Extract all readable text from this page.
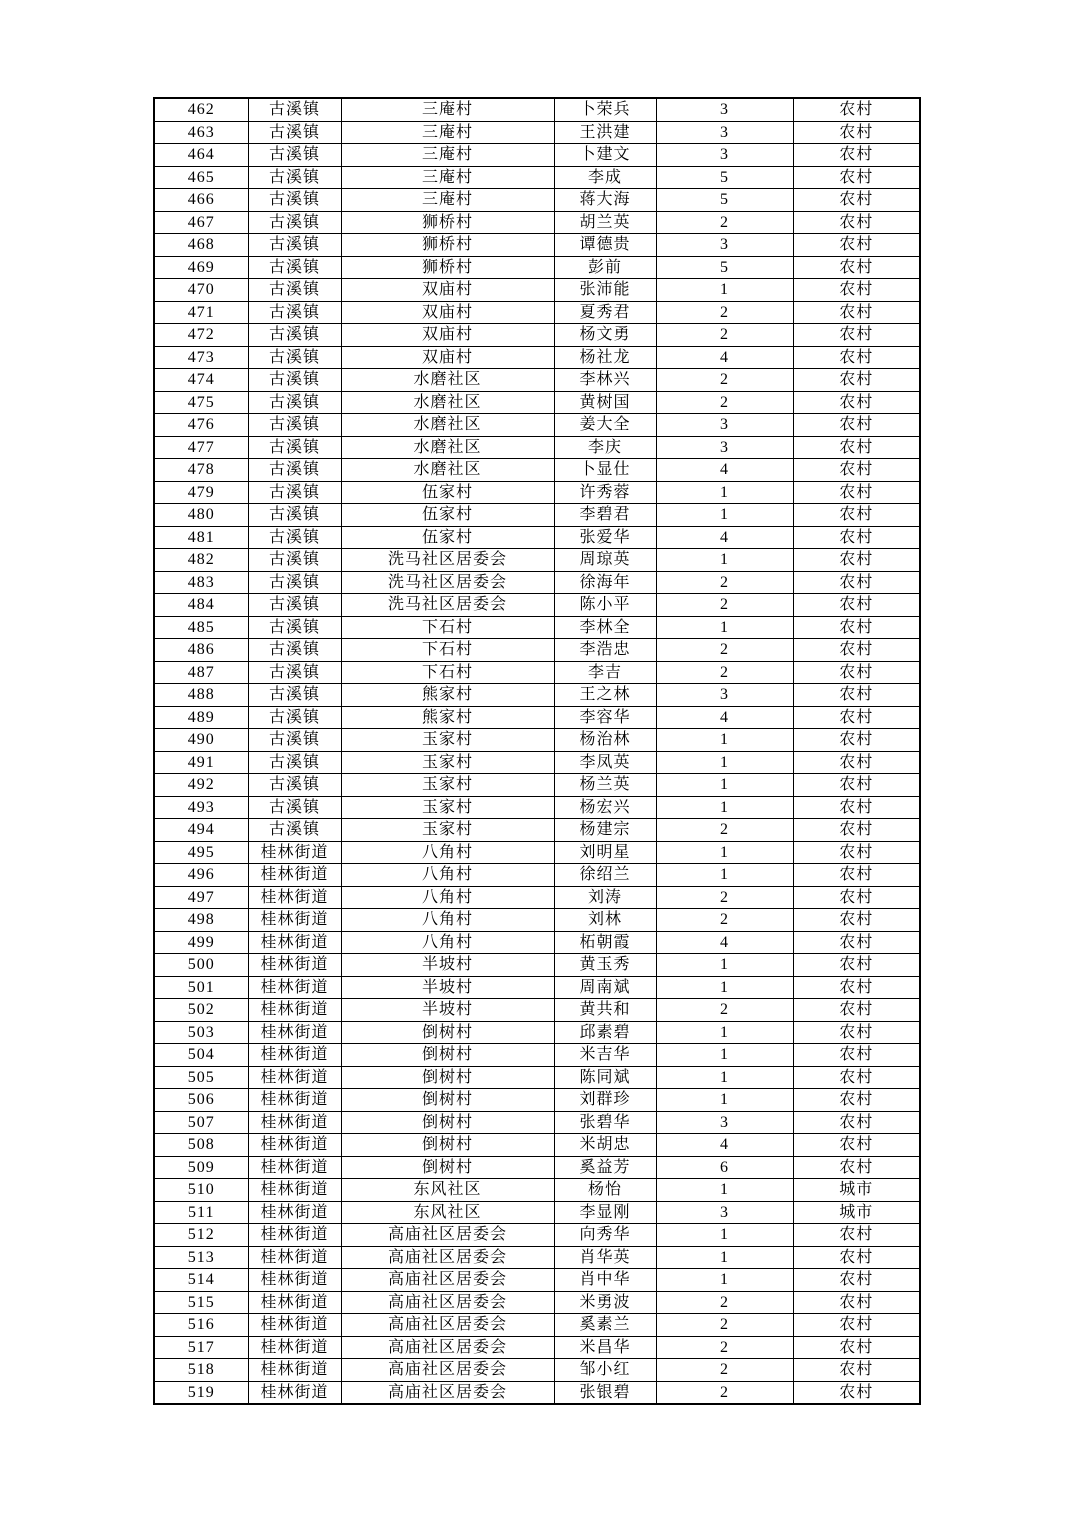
462	古溪镇	三庵村	卜荣兵	3	农村
463	古溪镇	三庵村	王洪建	3	农村
464	古溪镇	三庵村	卜建文	3	农村
465	古溪镇	三庵村	李成	5	农村
466	古溪镇	三庵村	蒋大海	5	农村
467	古溪镇	狮桥村	胡兰英	2	农村
468	古溪镇	狮桥村	谭德贵	3	农村
469	古溪镇	狮桥村	彭前	5	农村
470	古溪镇	双庙村	张沛能	1	农村
471	古溪镇	双庙村	夏秀君	2	农村
472	古溪镇	双庙村	杨文勇	2	农村
473	古溪镇	双庙村	杨社龙	4	农村
474	古溪镇	水磨社区	李林兴	2	农村
475	古溪镇	水磨社区	黄树国	2	农村
476	古溪镇	水磨社区	姜大全	3	农村
477	古溪镇	水磨社区	李庆	3	农村
478	古溪镇	水磨社区	卜显仕	4	农村
479	古溪镇	伍家村	许秀蓉	1	农村
480	古溪镇	伍家村	李碧君	1	农村
481	古溪镇	伍家村	张爱华	4	农村
482	古溪镇	洗马社区居委会	周琼英	1	农村
483	古溪镇	洗马社区居委会	徐海年	2	农村
484	古溪镇	洗马社区居委会	陈小平	2	农村
485	古溪镇	下石村	李林全	1	农村
486	古溪镇	下石村	李浩忠	2	农村
487	古溪镇	下石村	李吉	2	农村
488	古溪镇	熊家村	王之林	3	农村
489	古溪镇	熊家村	李容华	4	农村
490	古溪镇	玉家村	杨治林	1	农村
491	古溪镇	玉家村	李凤英	1	农村
492	古溪镇	玉家村	杨兰英	1	农村
493	古溪镇	玉家村	杨宏兴	1	农村
494	古溪镇	玉家村	杨建宗	2	农村
495	桂林街道	八角村	刘明星	1	农村
496	桂林街道	八角村	徐绍兰	1	农村
497	桂林街道	八角村	刘涛	2	农村
498	桂林街道	八角村	刘林	2	农村
499	桂林街道	八角村	柘朝霞	4	农村
500	桂林街道	半坡村	黄玉秀	1	农村
501	桂林街道	半坡村	周南斌	1	农村
502	桂林街道	半坡村	黄共和	2	农村
503	桂林街道	倒树村	邱素碧	1	农村
504	桂林街道	倒树村	米吉华	1	农村
505	桂林街道	倒树村	陈同斌	1	农村
506	桂林街道	倒树村	刘群珍	1	农村
507	桂林街道	倒树村	张碧华	3	农村
508	桂林街道	倒树村	米胡忠	4	农村
509	桂林街道	倒树村	奚益芳	6	农村
510	桂林街道	东风社区	杨怡	1	城市
511	桂林街道	东风社区	李显刚	3	城市
512	桂林街道	高庙社区居委会	向秀华	1	农村
513	桂林街道	高庙社区居委会	肖华英	1	农村
514	桂林街道	高庙社区居委会	肖中华	1	农村
515	桂林街道	高庙社区居委会	米勇波	2	农村
516	桂林街道	高庙社区居委会	奚素兰	2	农村
517	桂林街道	高庙社区居委会	米昌华	2	农村
518	桂林街道	高庙社区居委会	邹小红	2	农村
519	桂林街道	高庙社区居委会	张银碧	2	农村
